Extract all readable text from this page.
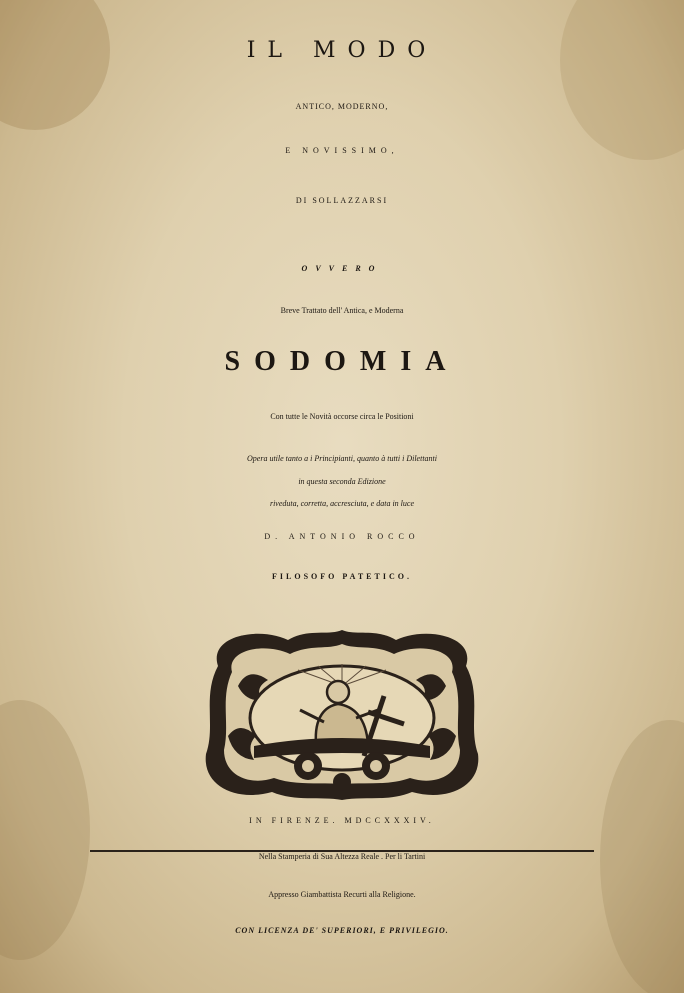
IL MODO
ANTICO, MODERNO,
E NOVISSIMO,
DI SOLLAZZARSI
OVVERO
Breve Trattato dell' Antica, e Moderna
SODOMIA
Con tutte le Novità occorse circa le Positioni
Opera utile tanto a i Principianti, quanto à tutti i Dilettanti
in questa seconda Edizione
riveduta, corretta, accresciuta, e data in luce
D. ANTONIO ROCCO
FILOSOFO PATETICO.
IN FIRENZE. MDCCXXXIV.
Nella Stamperia di Sua Altezza Reale . Per li Tartini
Appresso Giambattista Recurti alla Religione.
CON LICENZA DE' SUPERIORI, E PRIVILEGIO.
